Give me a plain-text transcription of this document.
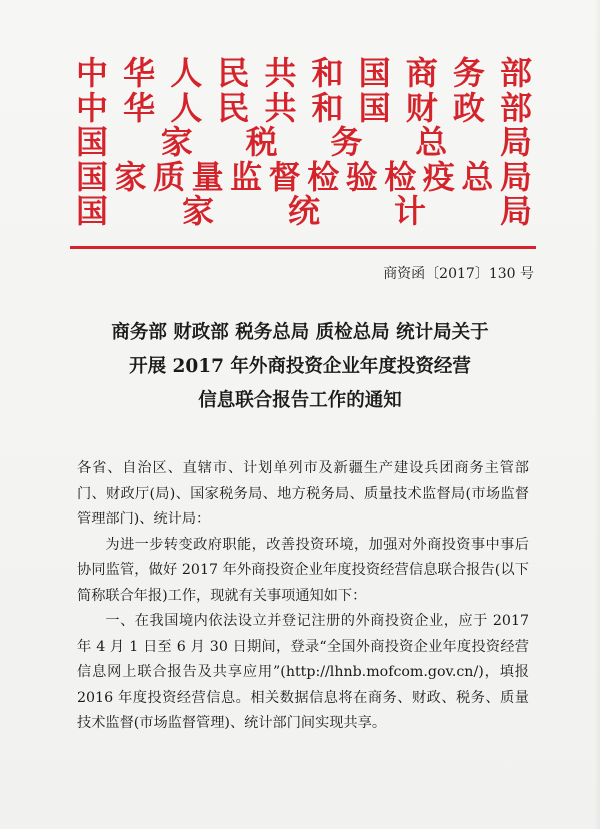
中 华 人 民 共 和 国 商 务 部
中 华 人 民 共 和 国 财 政 部
国 家 税 务 总 局
国 家 质 量 监 督 检 验 检 疫 总 局
国 家 统 计 局
商资函〔2017〕130 号
商务部 财政部 税务总局 质检总局 统计局关于
开展 2017 年外商投资企业年度投资经营
信息联合报告工作的通知

各省、自治区、直辖市、计划单列市及新疆生产建设兵团商务主管部门、财政厅(局)、国家税务局、地方税务局、质量技术监督局(市场监督管理部门)、统计局：

为进一步转变政府职能，改善投资环境，加强对外商投资事中事后协同监管，做好 2017 年外商投资企业年度投资经营信息联合报告(以下简称联合年报)工作，现就有关事项通知如下：

一、在我国境内依法设立并登记注册的外商投资企业，应于 2017 年 4 月 1 日至 6 月 30 日期间，登录“全国外商投资企业年度投资经营信息网上联合报告及共享应用”(http://lhnb.mofcom.gov.cn/)，填报 2016 年度投资经营信息。相关数据信息将在商务、财政、税务、质量技术监督(市场监督管理)、统计部门间实现共享。
